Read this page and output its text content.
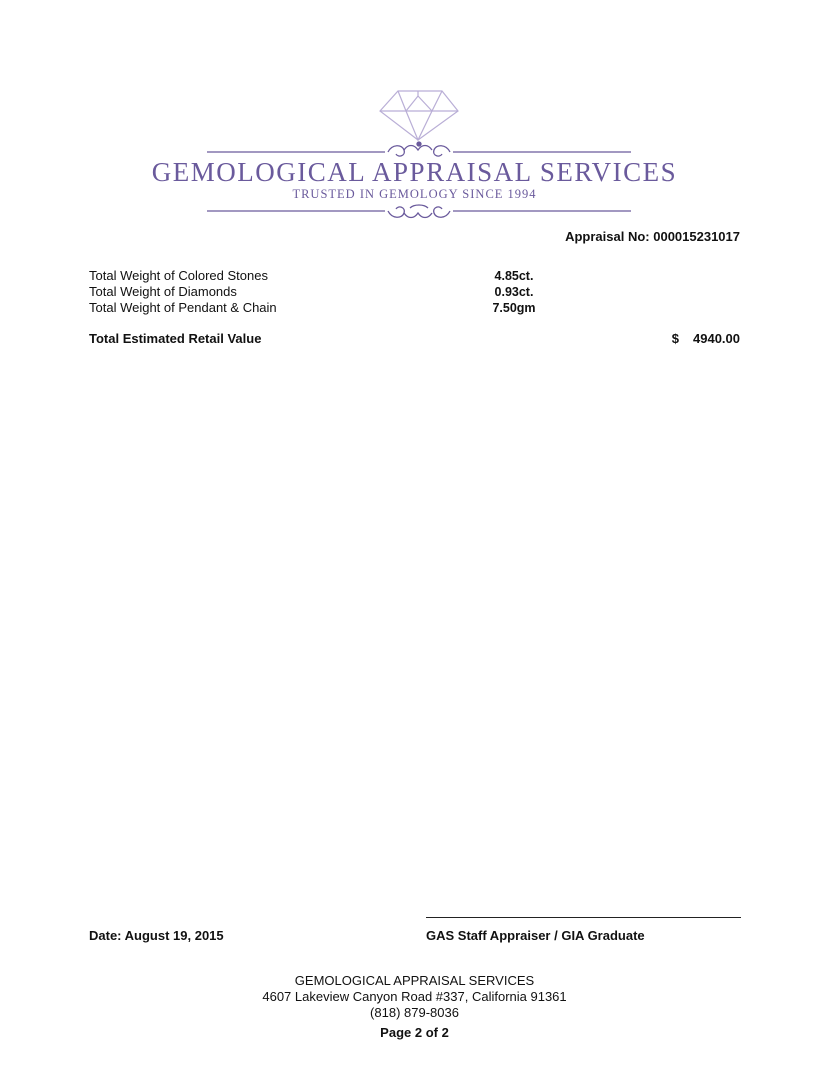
GEMOLOGICAL APPRAISAL SERVICES
TRUSTED IN GEMOLOGY SINCE 1994
Appraisal No: 000015231017
Total Weight of Colored Stones	4.85ct.
Total Weight of Diamonds	0.93ct.
Total Weight of Pendant & Chain	7.50gm
Total Estimated Retail Value	$ 4940.00
Date: August 19, 2015	GAS Staff Appraiser / GIA Graduate
GEMOLOGICAL APPRAISAL SERVICES
4607 Lakeview Canyon Road #337, California 91361
(818) 879-8036
Page 2 of 2
